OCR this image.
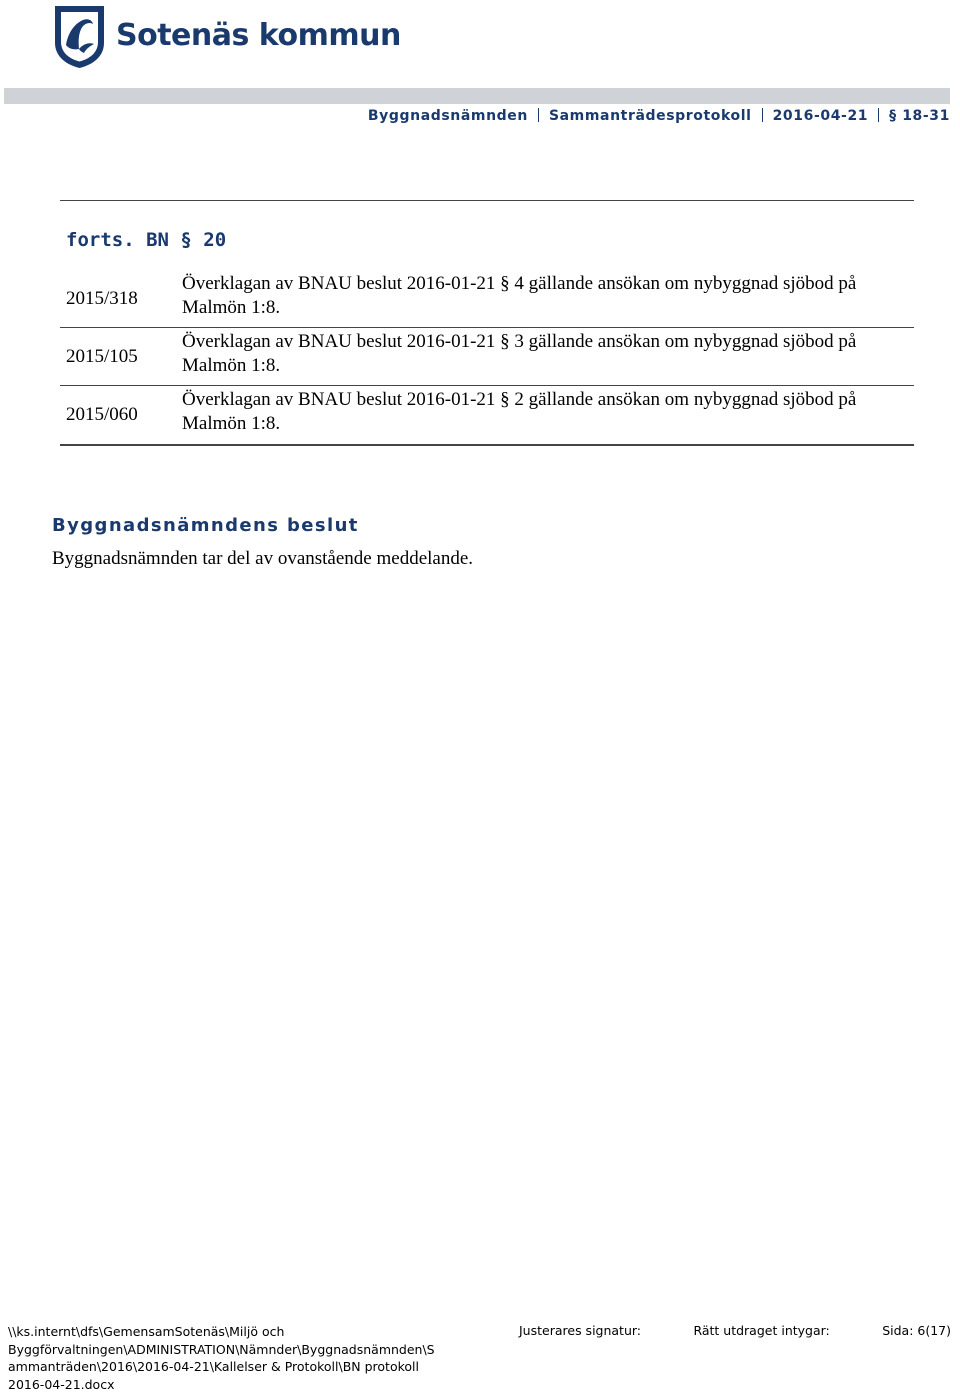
Sotenäs kommun
Byggnadsnämnden Sammanträdesprotokoll 2016-04-21 § 18-31
forts. BN § 20
2015/318
Överklagan av BNAU beslut 2016-01-21 § 4 gällande ansökan om nybyggnad sjöbod på Malmön 1:8.
2015/105
Överklagan av BNAU beslut 2016-01-21 § 3 gällande ansökan om nybyggnad sjöbod på Malmön 1:8.
2015/060
Överklagan av BNAU beslut 2016-01-21 § 2 gällande ansökan om nybyggnad sjöbod på Malmön 1:8.
Byggnadsnämndens beslut
Byggnadsnämnden tar del av ovanstående meddelande.
\\ks.internt\dfs\GemensamSotenäs\Miljö och
Byggförvaltningen\ADMINISTRATION\Nämnder\Byggnadsnämnden\S
ammanträden\2016\2016-04-21\Kallelser & Protokoll\BN protokoll
2016-04-21.docx
Justerares signatur:	Rätt utdraget intygar:	Sida: 6(17)
